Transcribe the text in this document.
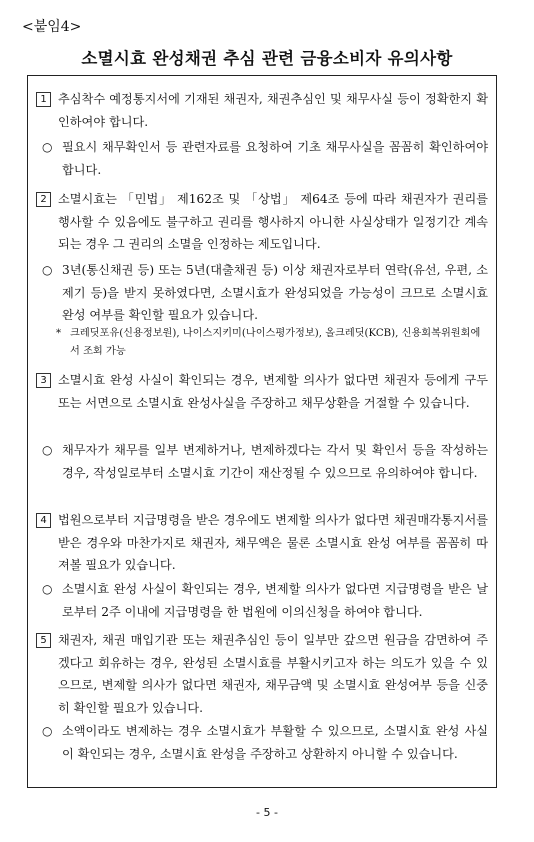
<붙임4>
소멸시효 완성채권 추심 관련 금융소비자 유의사항
1 추심착수 예정통지서에 기재된 채권자, 채권추심인 및 채무사실 등이 정확한지 확인하여야 합니다.
○ 필요시 채무확인서 등 관련자료를 요청하여 기초 채무사실을 꼼꼼히 확인하여야 합니다.
2 소멸시효는 「민법」 제162조 및 「상법」 제64조 등에 따라 채권자가 권리를 행사할 수 있음에도 불구하고 권리를 행사하지 아니한 사실상태가 일정기간 계속되는 경우 그 권리의 소멸을 인정하는 제도입니다.
○ 3년(통신채권 등) 또는 5년(대출채권 등) 이상 채권자로부터 연락(유선, 우편, 소제기 등)을 받지 못하였다면, 소멸시효가 완성되었을 가능성이 크므로 소멸시효 완성 여부를 확인할 필요가 있습니다.
* 크레딧포유(신용정보원), 나이스지키미(나이스평가정보), 올크레딧(KCB), 신용회복위원회에서 조회 가능
3 소멸시효 완성 사실이 확인되는 경우, 변제할 의사가 없다면 채권자 등에게 구두 또는 서면으로 소멸시효 완성사실을 주장하고 채무상환을 거절할 수 있습니다.
○ 채무자가 채무를 일부 변제하거나, 변제하겠다는 각서 및 확인서 등을 작성하는 경우, 작성일로부터 소멸시효 기간이 재산정될 수 있으므로 유의하여야 합니다.
4 법원으로부터 지급명령을 받은 경우에도 변제할 의사가 없다면 채권매각통지서를 받은 경우와 마찬가지로 채권자, 채무액은 물론 소멸시효 완성 여부를 꼼꼼히 따져볼 필요가 있습니다.
○ 소멸시효 완성 사실이 확인되는 경우, 변제할 의사가 없다면 지급명령을 받은 날로부터 2주 이내에 지급명령을 한 법원에 이의신청을 하여야 합니다.
5 채권자, 채권 매입기관 또는 채권추심인 등이 일부만 갚으면 원금을 감면하여 주겠다고 회유하는 경우, 완성된 소멸시효를 부활시키고자 하는 의도가 있을 수 있으므로, 변제할 의사가 없다면 채권자, 채무금액 및 소멸시효 완성여부 등을 신중히 확인할 필요가 있습니다.
○ 소액이라도 변제하는 경우 소멸시효가 부활할 수 있으므로, 소멸시효 완성 사실이 확인되는 경우, 소멸시효 완성을 주장하고 상환하지 아니할 수 있습니다.
- 5 -
